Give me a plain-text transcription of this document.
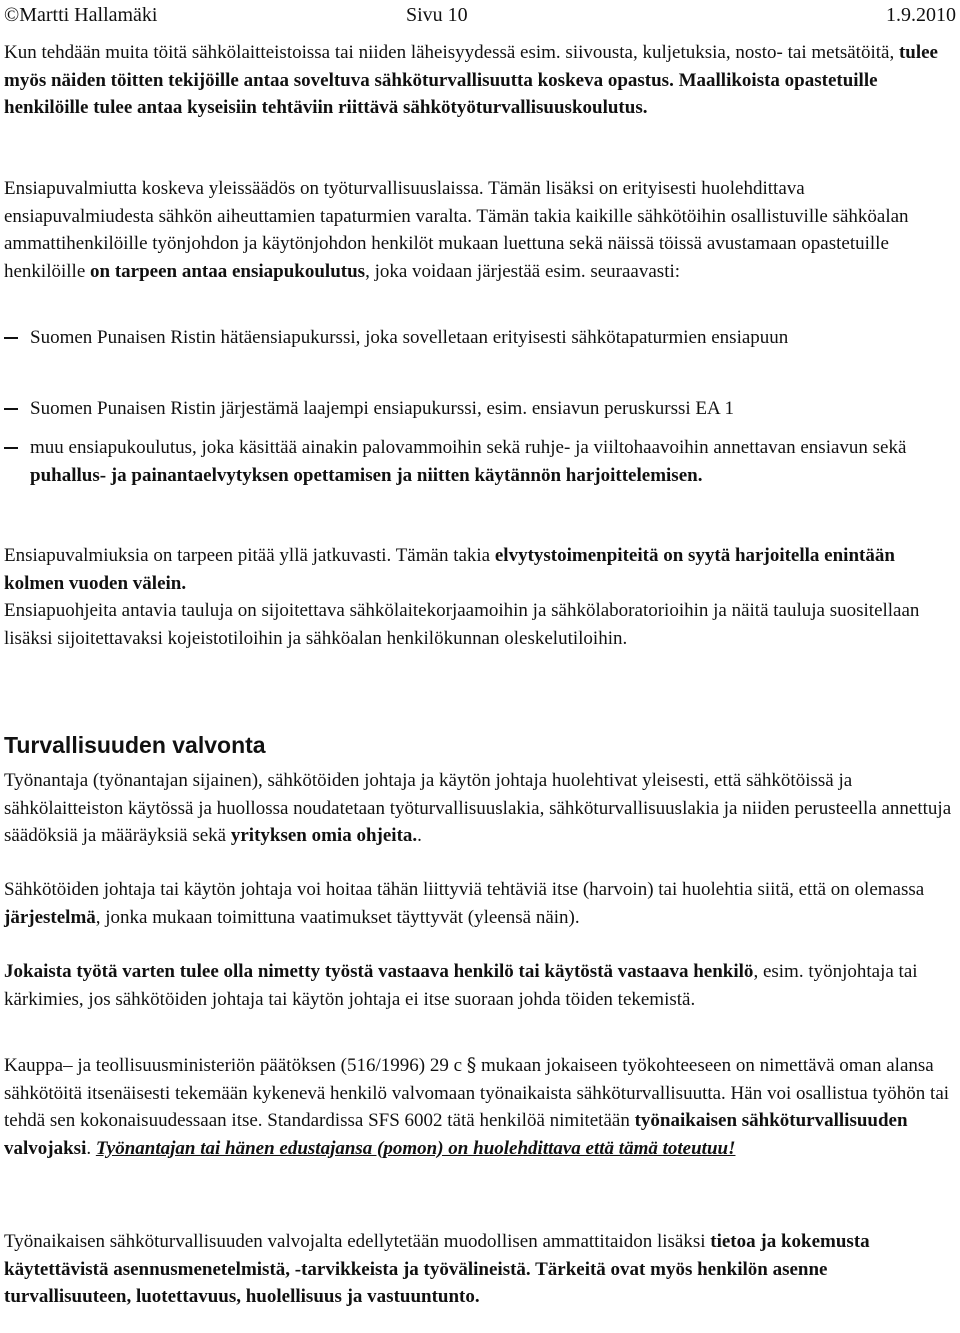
©Martti Hallamäki	Sivu 10	1.9.2010

Kun tehdään muita töitä sähkölaitteistoissa tai niiden läheisyydessä esim. siivousta, kuljetuksia, nosto- tai metsätöitä, tulee myös näiden töitten tekijöille antaa soveltuva sähköturvallisuutta koskeva opastus. Maallikoista opastetuille henkilöille tulee antaa kyseisiin tehtäviin riittävä sähkötyöturvallisuuskoulutus.

Ensiapuvalmiutta koskeva yleissäädös on työturvallisuuslaissa. Tämän lisäksi on erityisesti huolehdittava ensiapuvalmiudesta sähkön aiheuttamien tapaturmien varalta. Tämän takia kaikille sähkötöihin osallistuville sähköalan ammattihenkilöille työnjohdon ja käytönjohdon henkilöt mukaan luettuna sekä näissä töissä avustamaan opastetuille henkilöille on tarpeen antaa ensiapukoulutus, joka voidaan järjestää esim. seuraavasti:

Suomen Punaisen Ristin hätäensiapukurssi, joka sovelletaan erityisesti sähkötapaturmien ensiapuun

Suomen Punaisen Ristin järjestämä laajempi ensiapukurssi, esim. ensiavun peruskurssi EA 1

muu ensiapukoulutus, joka käsittää ainakin palovammoihin sekä ruhje- ja viiltohaavoihin annettavan ensiavun sekä puhallus- ja painantaelvytyksen opettamisen ja niitten käytännön harjoittelemisen.

Ensiapuvalmiuksia on tarpeen pitää yllä jatkuvasti. Tämän takia elvytystoimenpiteitä on syytä harjoitella enintään kolmen vuoden välein.

Ensiapuohjeita antavia tauluja on sijoitettava sähkölaitekorjaamoihin ja sähkölaboratorioihin ja näitä tauluja suositellaan lisäksi sijoitettavaksi kojeistotiloihin ja sähköalan henkilökunnan oleskelutiloihin.

Turvallisuuden valvonta

Työnantaja (työnantajan sijainen), sähkötöiden johtaja ja käytön johtaja huolehtivat yleisesti, että sähkötöissä ja sähkölaitteiston käytössä ja huollossa noudatetaan työturvallisuuslakia, sähköturvallisuuslakia ja niiden perusteella annettuja säädöksiä ja määräyksiä sekä yrityksen omia ohjeita..

Sähkötöiden johtaja tai käytön johtaja voi hoitaa tähän liittyviä tehtäviä itse (harvoin) tai huolehtia siitä, että on olemassa järjestelmä, jonka mukaan toimittuna vaatimukset täyttyvät (yleensä näin).

Jokaista työtä varten tulee olla nimetty työstä vastaava henkilö tai käytöstä vastaava henkilö, esim. työnjohtaja tai kärkimies, jos sähkötöiden johtaja tai käytön johtaja ei itse suoraan johda töiden tekemistä.

Kauppa– ja teollisuusministeriön päätöksen (516/1996) 29 c § mukaan jokaiseen työkohteeseen on nimettävä oman alansa sähkötöitä itsenäisesti tekemään kykenevä henkilö valvomaan työnaikaista sähköturvallisuutta. Hän voi osallistua työhön tai tehdä sen kokonaisuudessaan itse. Standardissa SFS 6002 tätä henkilöä nimitetään työnaikaisen sähköturvallisuuden valvojaksi. Työnantajan tai hänen edustajansa (pomon) on huolehdittava että tämä toteutuu!

Työnaikaisen sähköturvallisuuden valvojalta edellytetään muodollisen ammattitaidon lisäksi tietoa ja kokemusta käytettävistä asennusmenetelmistä, -tarvikkeista ja työvälineistä. Tärkeitä ovat myös henkilön asenne turvallisuuteen, luotettavuus, huolellisuus ja vastuuntunto.
